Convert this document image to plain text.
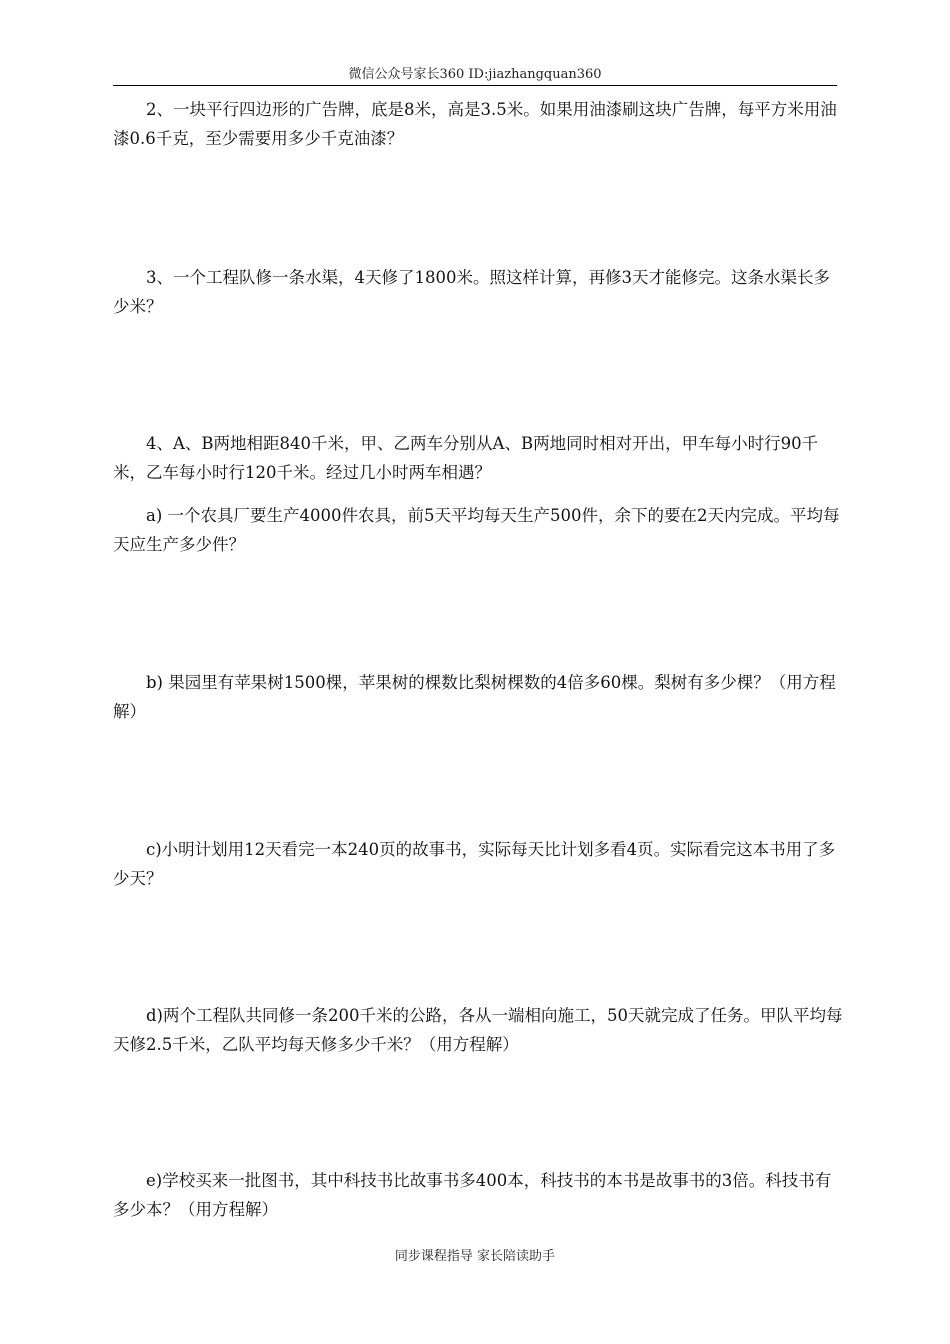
微信公众号家长360 ID:jiazhangquan360

2、一块平行四边形的广告牌，底是8米，高是3.5米。如果用油漆刷这块广告牌，每平方米用油漆0.6千克，至少需要用多少千克油漆？

3、一个工程队修一条水渠，4天修了1800米。照这样计算，再修3天才能修完。这条水渠长多少米？

4、A、B两地相距840千米，甲、乙两车分别从A、B两地同时相对开出，甲车每小时行90千米，乙车每小时行120千米。经过几小时两车相遇？

a) 一个农具厂要生产4000件农具，前5天平均每天生产500件，余下的要在2天内完成。平均每天应生产多少件？

b) 果园里有苹果树1500棵，苹果树的棵数比梨树棵数的4倍多60棵。梨树有多少棵？（用方程解）

c)小明计划用12天看完一本240页的故事书，实际每天比计划多看4页。实际看完这本书用了多少天？

d)两个工程队共同修一条200千米的公路，各从一端相向施工，50天就完成了任务。甲队平均每天修2.5千米，乙队平均每天修多少千米？（用方程解）

e)学校买来一批图书，其中科技书比故事书多400本，科技书的本书是故事书的3倍。科技书有多少本？（用方程解）

同步课程指导 家长陪读助手
